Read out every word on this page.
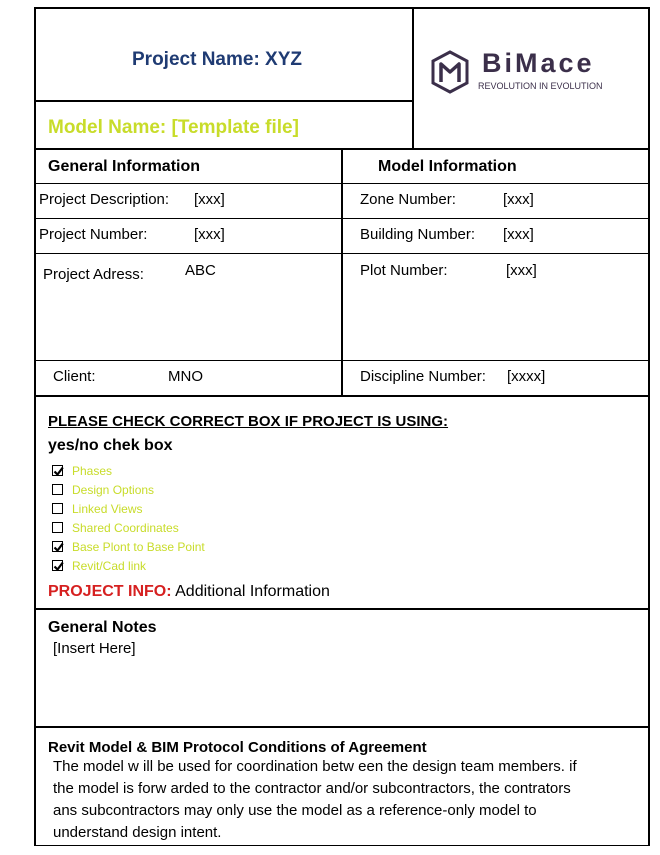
Project Name: XYZ
Model Name: [Template file]
BiMace
REVOLUTION IN EVOLUTION
General Information	Model Information
Project Description: [xxx]	Zone Number:	[xxx]
Project Number:	[xxx]	Building Number: [xxx]
Project Adress:	ABC	Plot Number:	[xxx]
Client:	MNO	Discipline Number: [xxxx]
PLEASE CHECK CORRECT BOX IF PROJECT IS USING:
yes/no chek box
Phases
Design Options
Linked Views
Shared Coordinates
Base Plont to Base Point
Revit/Cad link
PROJECT INFO: Additional Information
General Notes
[Insert Here]
Revit Model & BIM Protocol Conditions of Agreement
The model w ill be used for coordination betw een the design team members. if
the model is forw arded to the contractor and/or subcontractors, the contrators
ans subcontractors may only use the model as a reference-only model to
understand design intent.
